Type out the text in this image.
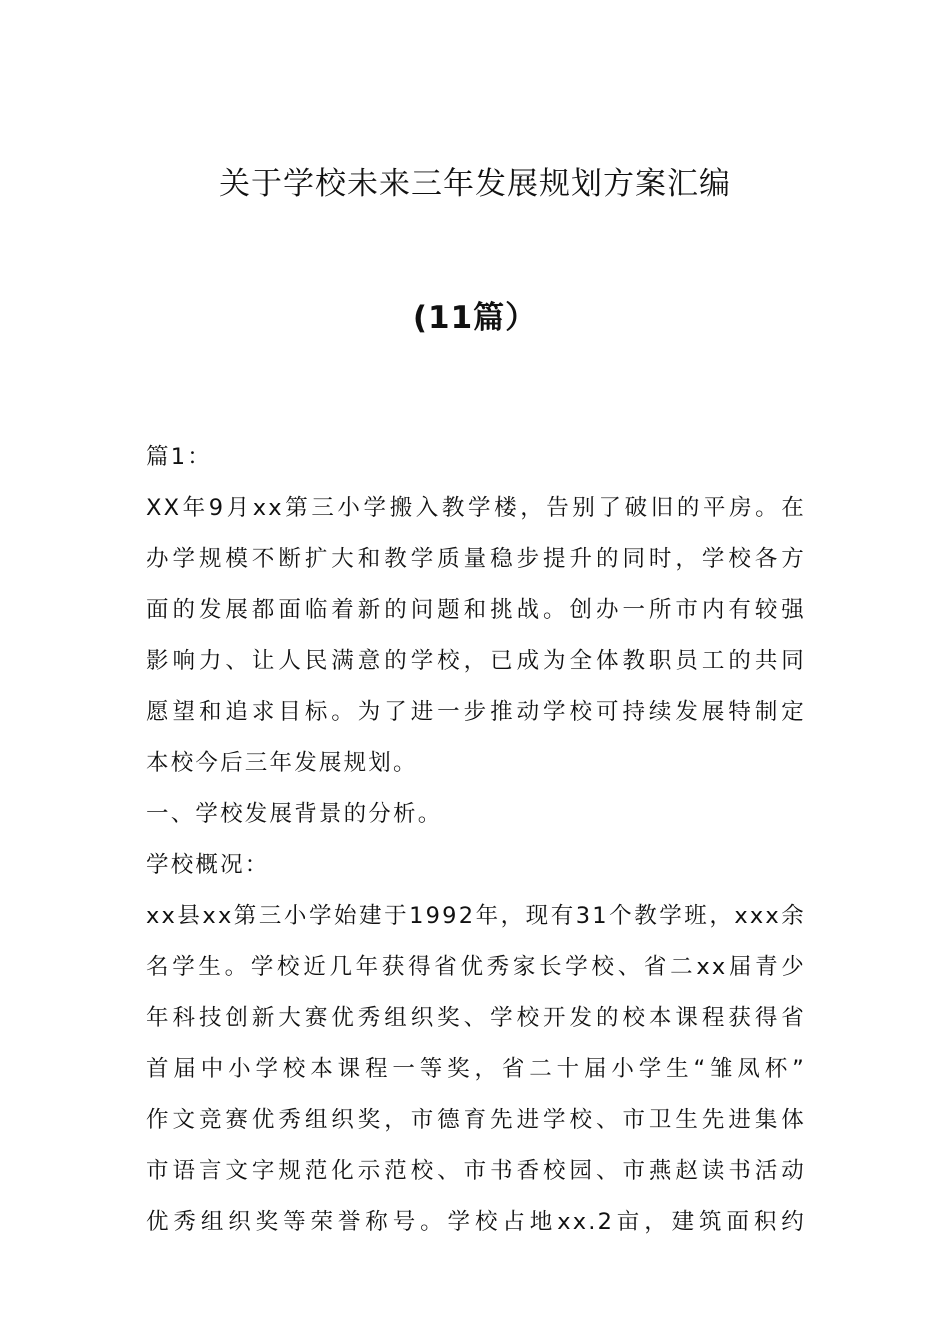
关于学校未来三年发展规划方案汇编
(11篇）

篇1：

XX年9月xx第三小学搬入教学楼，告别了破旧的平房。在

办学规模不断扩大和教学质量稳步提升的同时，学校各方

面的发展都面临着新的问题和挑战。创办一所市内有较强

影响力、让人民满意的学校，已成为全体教职员工的共同

愿望和追求目标。为了进一步推动学校可持续发展特制定

本校今后三年发展规划。

一、学校发展背景的分析。

学校概况：

xx县xx第三小学始建于1992年，现有31个教学班，xxx余

名学生。学校近几年获得省优秀家长学校、省二xx届青少

年科技创新大赛优秀组织奖、学校开发的校本课程获得省

首届中小学校本课程一等奖，省二十届小学生“雏凤杯”

作文竞赛优秀组织奖，市德育先进学校、市卫生先进集体

市语言文字规范化示范校、市书香校园、市燕赵读书活动

优秀组织奖等荣誉称号。学校占地xx.2亩，建筑面积约
